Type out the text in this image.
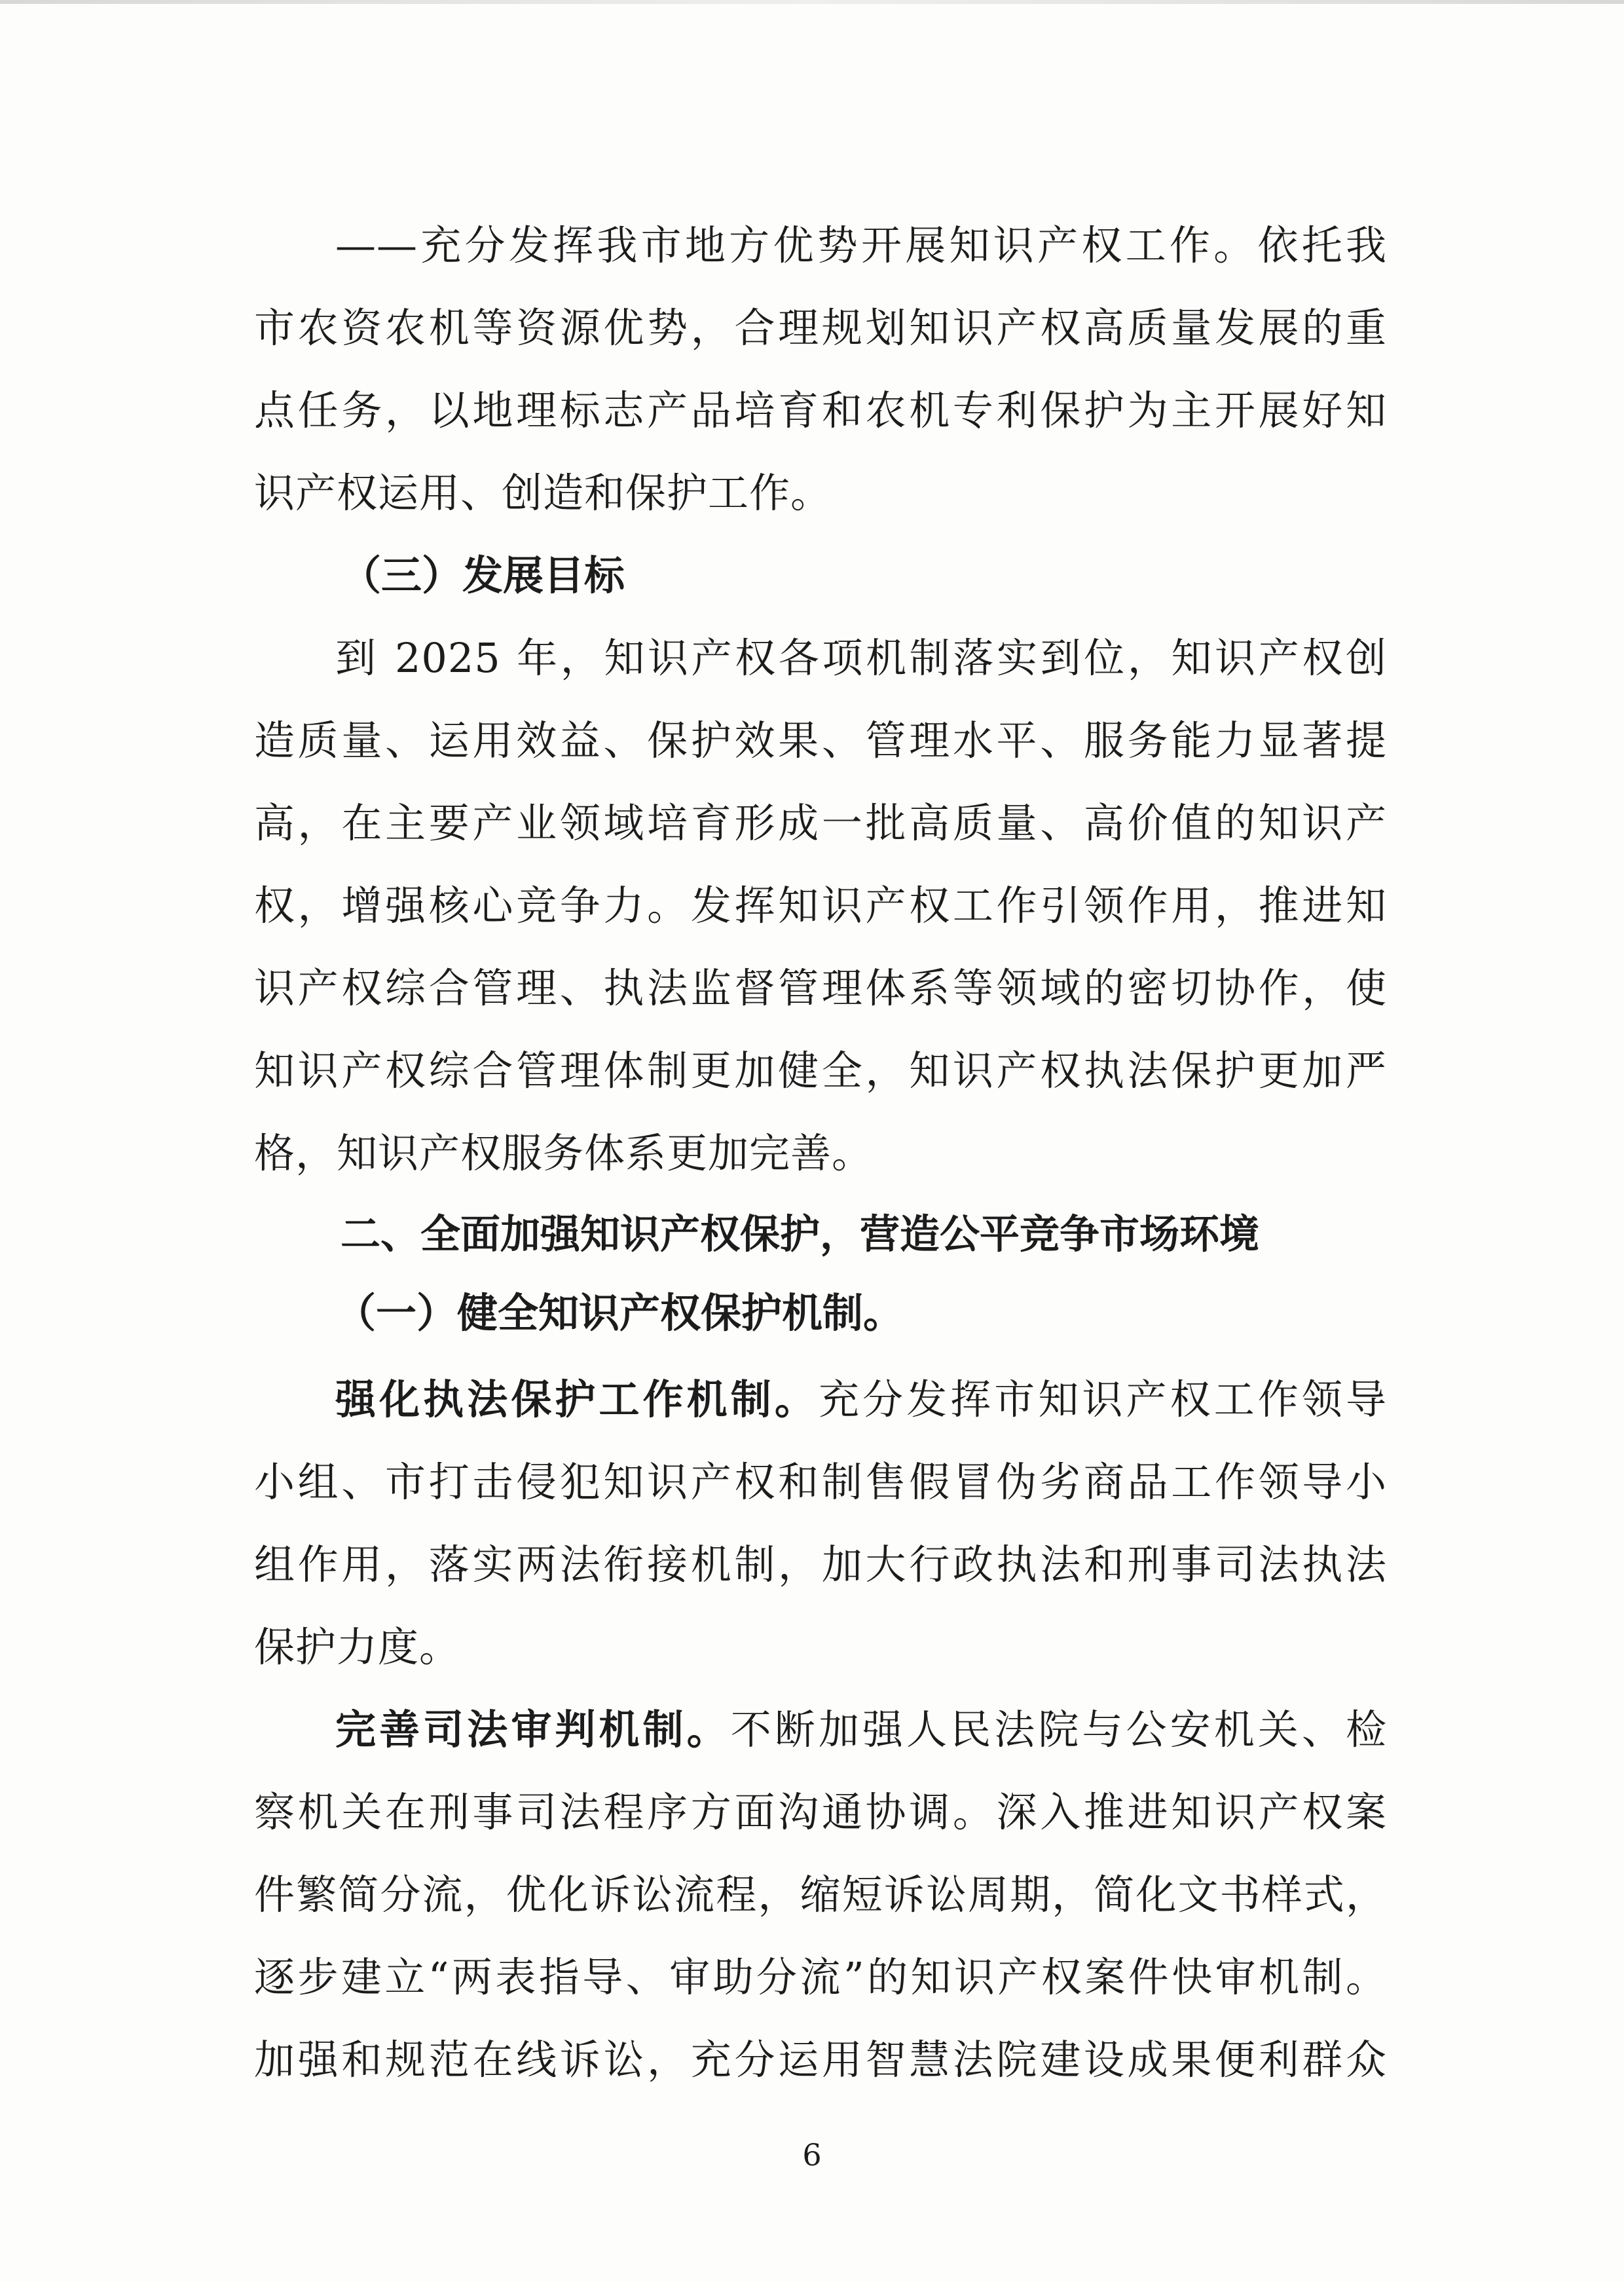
——充分发挥我市地方优势开展知识产权工作。依托我
市农资农机等资源优势，合理规划知识产权高质量发展的重
点任务，以地理标志产品培育和农机专利保护为主开展好知
识产权运用、创造和保护工作。
（三）发展目标
到 2025 年，知识产权各项机制落实到位，知识产权创
造质量、运用效益、保护效果、管理水平、服务能力显著提
高，在主要产业领域培育形成一批高质量、高价值的知识产
权，增强核心竞争力。发挥知识产权工作引领作用，推进知
识产权综合管理、执法监督管理体系等领域的密切协作，使
知识产权综合管理体制更加健全，知识产权执法保护更加严
格，知识产权服务体系更加完善。
二、全面加强知识产权保护，营造公平竞争市场环境
（一）健全知识产权保护机制。
强化执法保护工作机制。充分发挥市知识产权工作领导
小组、市打击侵犯知识产权和制售假冒伪劣商品工作领导小
组作用，落实两法衔接机制，加大行政执法和刑事司法执法
保护力度。
完善司法审判机制。不断加强人民法院与公安机关、检
察机关在刑事司法程序方面沟通协调。深入推进知识产权案
件繁简分流，优化诉讼流程，缩短诉讼周期，简化文书样式，
逐步建立“两表指导、审助分流”的知识产权案件快审机制。
加强和规范在线诉讼，充分运用智慧法院建设成果便利群众
6
